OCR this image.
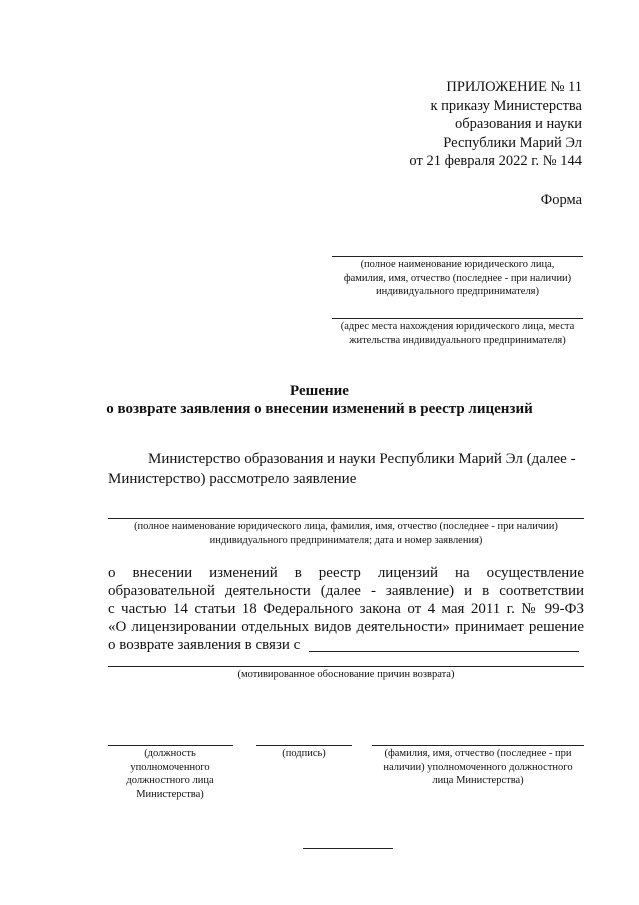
ПРИЛОЖЕНИЕ № 11
к приказу Министерства
образования и науки
Республики Марий Эл
от 21 февраля 2022 г. № 144
Форма
(полное наименование юридического лица,
фамилия, имя, отчество (последнее - при наличии)
индивидуального предпринимателя)
(адрес места нахождения юридического лица, места
жительства индивидуального предпринимателя)
Решение
о возврате заявления о внесении изменений в реестр лицензий
Министерство образования и науки Республики Марий Эл (далее -
Министерство) рассмотрело заявление
(полное наименование юридического лица, фамилия, имя, отчество (последнее - при наличии)
индивидуального предпринимателя; дата и номер заявления)
о внесении изменений в реестр лицензий на осуществление
образовательной деятельности (далее - заявление) и в соответствии
с частью 14 статьи 18 Федерального закона от 4 мая 2011 г. № 99-ФЗ
«О лицензировании отдельных видов деятельности» принимает решение
о возврате заявления в связи с
(мотивированное обоснование причин возврата)
(должность
уполномоченного
должностного лица
Министерства)
(подпись)	(фамилия, имя, отчество (последнее - при
наличии) уполномоченного должностного
лица Министерства)
